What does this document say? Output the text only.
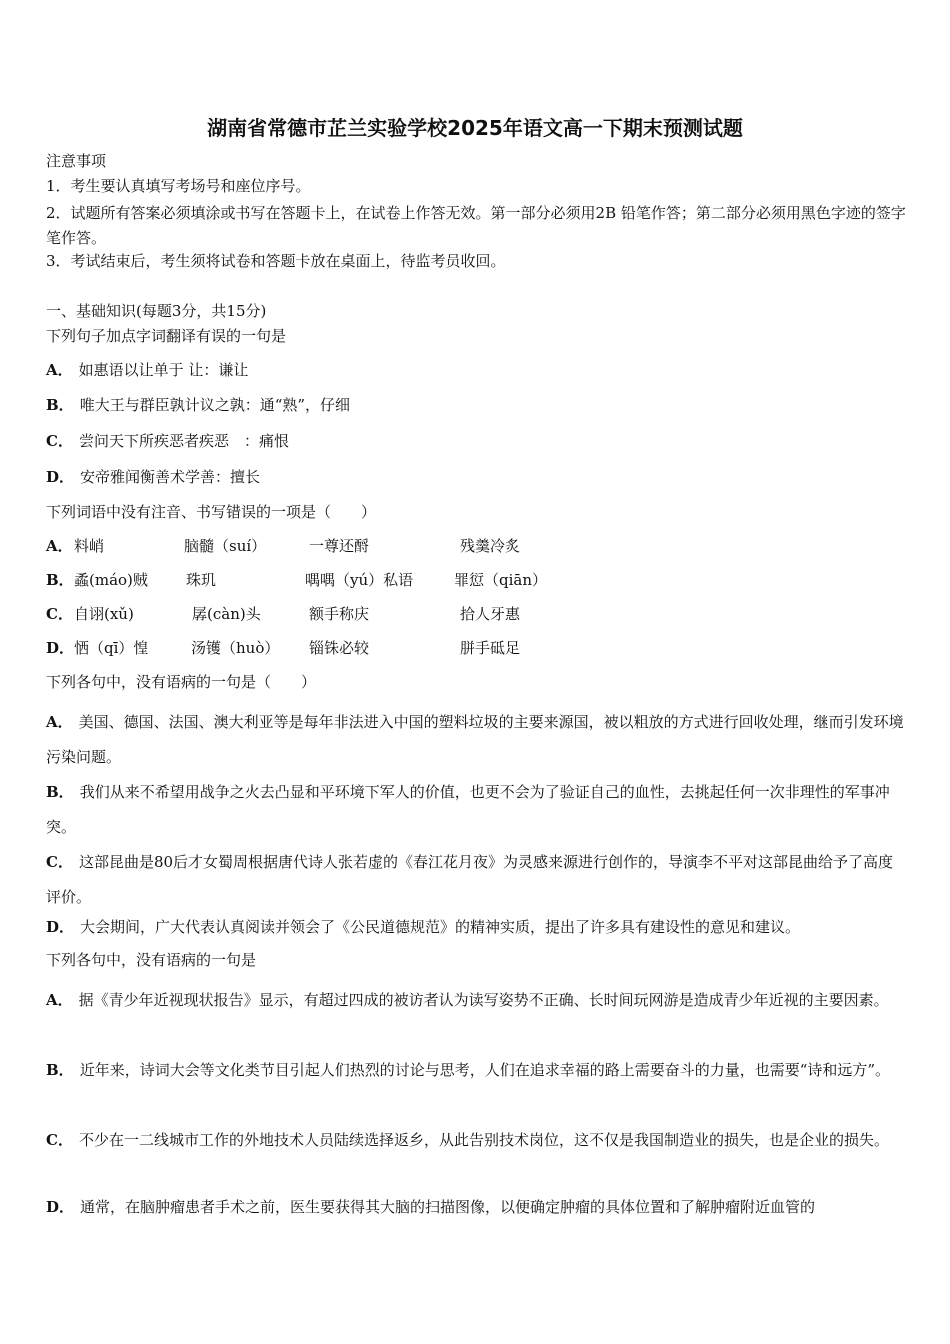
湖南省常德市芷兰实验学校2025年语文高一下期末预测试题
注意事项
1．考生要认真填写考场号和座位序号。
2．试题所有答案必须填涂或书写在答题卡上，在试卷上作答无效。第一部分必须用2B 铅笔作答；第二部分必须用黑色字迹的签字笔作答。
3．考试结束后，考生须将试卷和答题卡放在桌面上，待监考员收回。
一、基础知识(每题3分，共15分)
下列句子加点字词翻译有误的一句是
A． 如惠语以让单于 让：谦让
B． 唯大王与群臣孰计议之孰：通“熟”，仔细
C． 尝问天下所疾恶者疾恶　：痛恨
D． 安帝雅闻衡善术学善：擅长
下列词语中没有注音、书写错误的一项是（　　）
A． 料峭	脑髓（suí）	一尊还酹	残羹冷炙
B． 蟊(máo)贼	珠玑	喁喁（yú）私语	罪愆（qiān）
C． 自诩(xǔ)	孱(càn)头	额手称庆	拾人牙惠
D． 恓（qī）惶	汤镬（huò） 锱铢必较	胼手砥足
下列各句中，没有语病的一句是（　　）
A． 美国、德国、法国、澳大利亚等是每年非法进入中国的塑料垃圾的主要来源国，被以粗放的方式进行回收处理，继而引发环境污染问题。
B． 我们从来不希望用战争之火去凸显和平环境下军人的价值，也更不会为了验证自己的血性，去挑起任何一次非理性的军事冲突。
C． 这部昆曲是80后才女蜀周根据唐代诗人张若虚的《春江花月夜》为灵感来源进行创作的，导演李不平对这部昆曲给予了高度评价。
D． 大会期间，广大代表认真阅读并领会了《公民道德规范》的精神实质，提出了许多具有建设性的意见和建议。
下列各句中，没有语病的一句是
A． 据《青少年近视现状报告》显示，有超过四成的被访者认为读写姿势不正确、长时间玩网游是造成青少年近视的主要因素。
B． 近年来，诗词大会等文化类节目引起人们热烈的讨论与思考，人们在追求幸福的路上需要奋斗的力量，也需要“诗和远方”。
C． 不少在一二线城市工作的外地技术人员陆续选择返乡，从此告别技术岗位，这不仅是我国制造业的损失，也是企业的损失。
D． 通常，在脑肿瘤患者手术之前，医生要获得其大脑的扫描图像，以便确定肿瘤的具体位置和了解肿瘤附近血管的
